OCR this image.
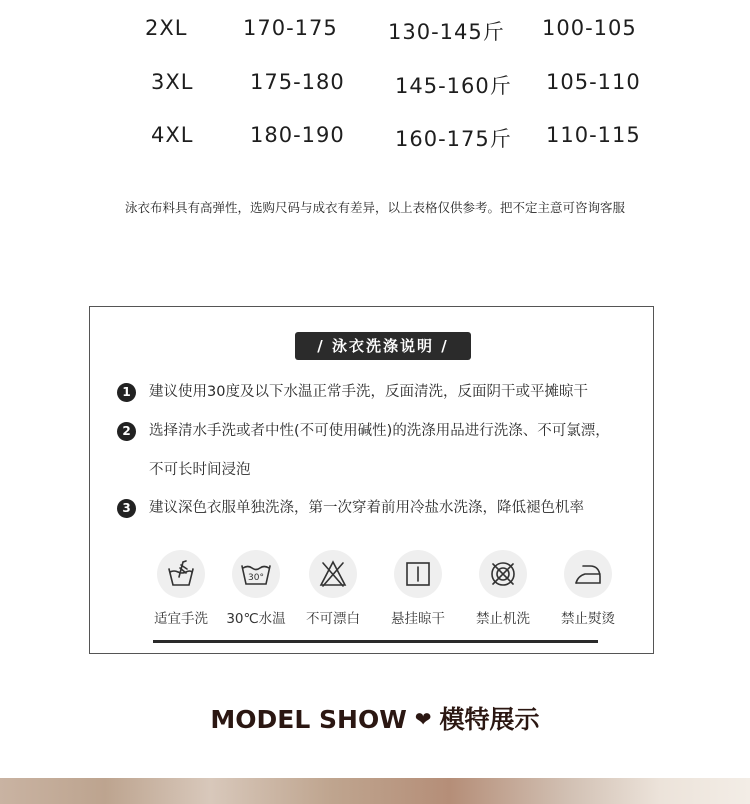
2XL	170-175 130-145斤 100-105
3XL	175-180 145-160斤 105-110
4XL	180-190 160-175斤 110-115
泳衣布料具有高弹性，选购尺码与成衣有差异，以上表格仅供参考。把不定主意可咨询客服
/ 泳衣洗涤说明 /
1	建议使用30度及以下水温正常手洗，反面清洗，反面阴干或平摊晾干
2	选择清水手洗或者中性(不可使用碱性)的洗涤用品进行洗涤、不可氯漂，
不可长时间浸泡
3	建议深色衣服单独洗涤，第一次穿着前用冷盐水洗涤，降低褪色机率
适宜手洗
30°
30℃水温	不可漂白	悬挂晾干	禁止机洗	禁止熨烫
MODEL SHOW ❤ 模特展示
